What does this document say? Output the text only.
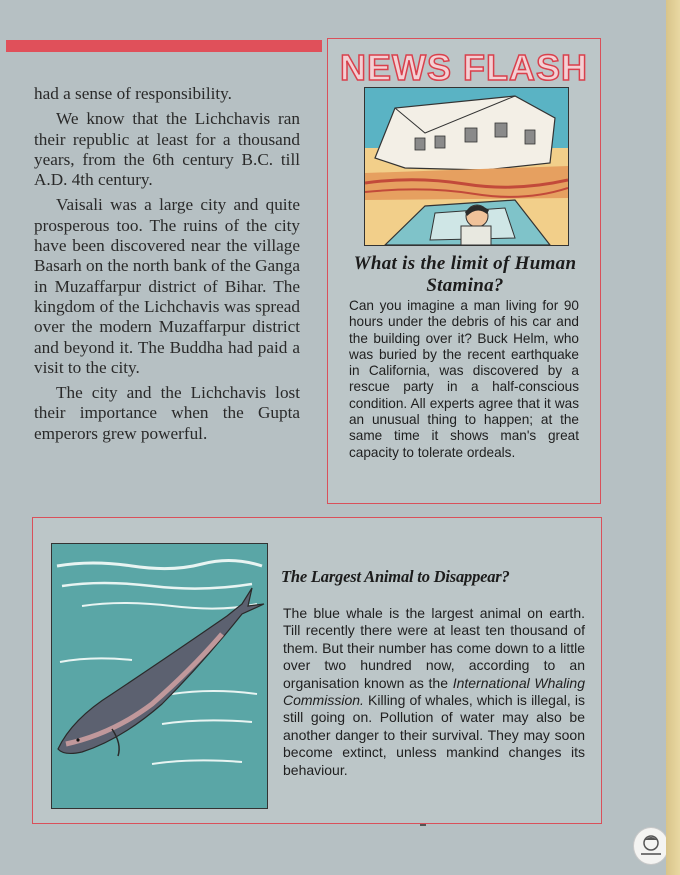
had a sense of responsibility.

We know that the Lichchavis ran their republic at least for a thousand years, from the 6th century B.C. till A.D. 4th century.

Vaisali was a large city and quite prosperous too. The ruins of the city have been discovered near the village Basarh on the north bank of the Ganga in Muzaffarpur district of Bihar. The kingdom of the Lichchavis was spread over the modern Muzaffarpur district and beyond it. The Buddha had paid a visit to the city.

The city and the Lichchavis lost their importance when the Gupta emperors grew powerful.

NEWS FLASH
What is the limit of Human Stamina?

Can you imagine a man living for 90 hours under the debris of his car and the building over it? Buck Helm, who was buried by the recent earthquake in California, was discovered by a rescue party in a half-conscious condition. All experts agree that it was an unusual thing to happen; at the same time it shows man's great capacity to tolerate ordeals.

The Largest Animal to Disappear?

The blue whale is the largest animal on earth. Till recently there were at least ten thousand of them. But their number has come down to a little over two hundred now, according to an organisation known as the International Whaling Commission. Killing of whales, which is illegal, is still going on. Pollution of water may also be another danger to their survival. They may soon become extinct, unless mankind changes its behaviour.
